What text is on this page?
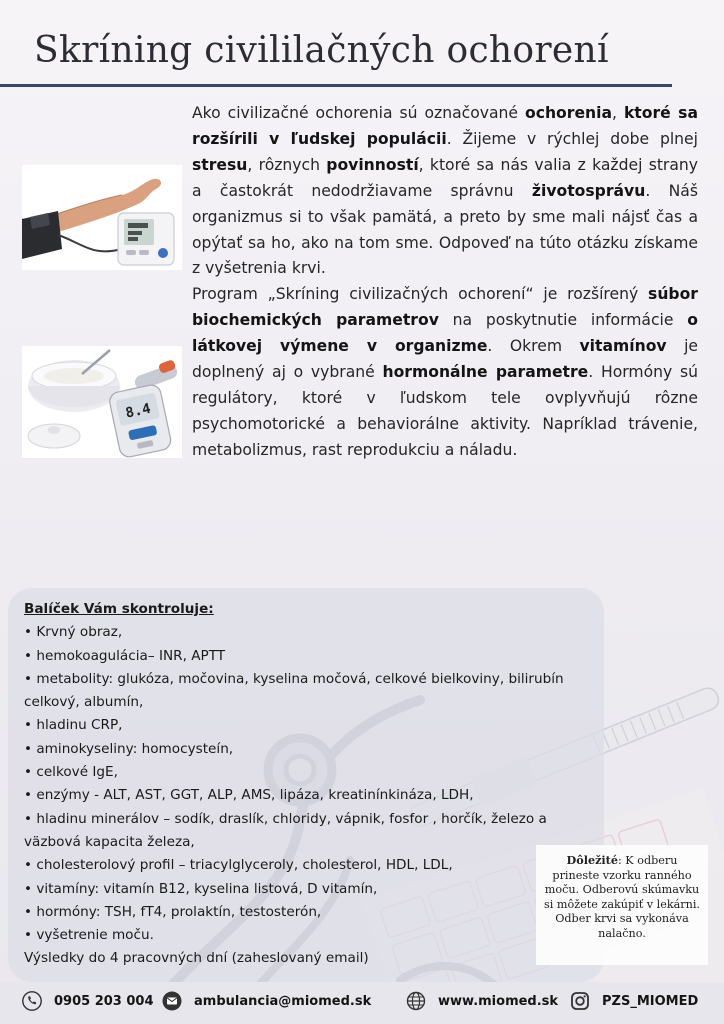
Skríning civililačných ochorení
8.4

Ako civilizačné ochorenia sú označované ochorenia, ktoré sa rozšírili v ľudskej populácii. Žijeme v rýchlej dobe plnej stresu, rôznych povinností, ktoré sa nás valia z každej strany a častokrát nedodržiavame správnu životosprávu. Náš organizmus si to však pamätá, a preto by sme mali nájsť čas a opýtať sa ho, ako na tom sme. Odpoveď na túto otázku získame z vyšetrenia krvi.

Program „Skríning civilizačných ochorení“ je rozšírený súbor biochemických parametrov na poskytnutie informácie o látkovej výmene v organizme. Okrem vitamínov je doplnený aj o vybrané hormonálne parametre. Hormóny sú regulátory, ktoré v ľudskom tele ovplyvňujú rôzne psychomotorické a behaviorálne aktivity. Napríklad trávenie, metabolizmus, rast reprodukciu a náladu.

Balíček Vám skontroluje:
• Krvný obraz,
• hemokoagulácia– INR, APTT
• metabolity: glukóza, močovina, kyselina močová, celkové bielkoviny, bilirubín celkový, albumín,
• hladinu CRP,
• aminokyseliny: homocysteín,
• celkové IgE,
• enzýmy - ALT, AST, GGT, ALP, AMS, lipáza, kreatinínkináza, LDH,
• hladinu minerálov – sodík, draslík, chloridy, vápnik, fosfor , horčík, železo a väzbová kapacita železa,
• cholesterolový profil – triacylglyceroly, cholesterol, HDL, LDL,
• vitamíny: vitamín B12, kyselina listová, D vitamín,
• hormóny: TSH, fT4, prolaktín, testosterón,
• vyšetrenie moču.
Výsledky do 4 pracovných dní (zaheslovaný email)
Dôležité: K odberu prineste vzorku ranného moču. Odberovú skúmavku si môžete zakúpiť v lekárni. Odber krvi sa vykonáva nalačno.
0905 203 004	ambulancia@miomed.sk	www.miomed.sk	PZS_MIOMED
